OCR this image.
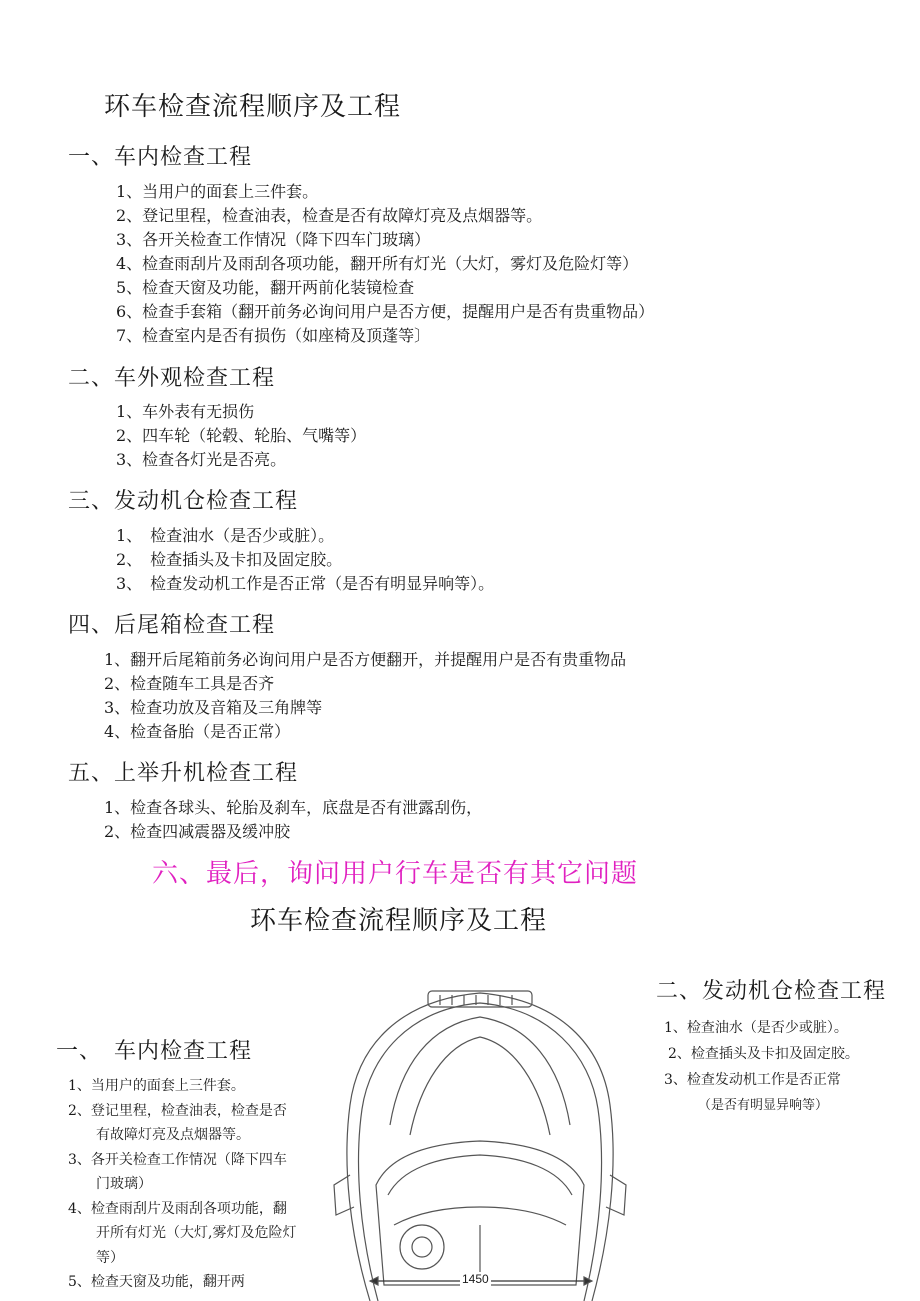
环车检查流程顺序及工程
一、车内检查工程
1、当用户的面套上三件套。
2、登记里程，检查油表，检查是否有故障灯亮及点烟器等。
3、各开关检查工作情况（降下四车门玻璃）
4、检查雨刮片及雨刮各项功能，翻开所有灯光（大灯，雾灯及危险灯等）
5、检查天窗及功能，翻开两前化装镜检查
6、检查手套箱（翻开前务必询问用户是否方便，提醒用户是否有贵重物品）
7、检查室内是否有损伤（如座椅及顶蓬等〕
二、车外观检查工程
1、车外表有无损伤
2、四车轮（轮毂、轮胎、气嘴等）
3、检查各灯光是否亮。
三、发动机仓检查工程
1、　检查油水（是否少或脏）。
2、　检查插头及卡扣及固定胶。
3、　检查发动机工作是否正常（是否有明显异响等）。
四、后尾箱检查工程
1、翻开后尾箱前务必询问用户是否方便翻开，并提醒用户是否有贵重物品
2、检查随车工具是否齐
3、检查功放及音箱及三角牌等
4、检查备胎（是否正常）
五、上举升机检查工程
1、检查各球头、轮胎及刹车，底盘是否有泄露刮伤，
2、检查四减震器及缓冲胶
六、最后，询问用户行车是否有其它问题
环车检查流程顺序及工程
一、　车内检查工程
1、当用户的面套上三件套。
2、登记里程，检查油表，检查是否
有故障灯亮及点烟器等。
3、各开关检查工作情况（降下四车
门玻璃）
4、检查雨刮片及雨刮各项功能，翻
开所有灯光（大灯,雾灯及危险灯等）
5、检查天窗及功能，翻开两
二、发动机仓检查工程
1、检查油水（是否少或脏）。
2、检查插头及卡扣及固定胶。
3、检查发动机工作是否正常
（是否有明显异响等）
1450
